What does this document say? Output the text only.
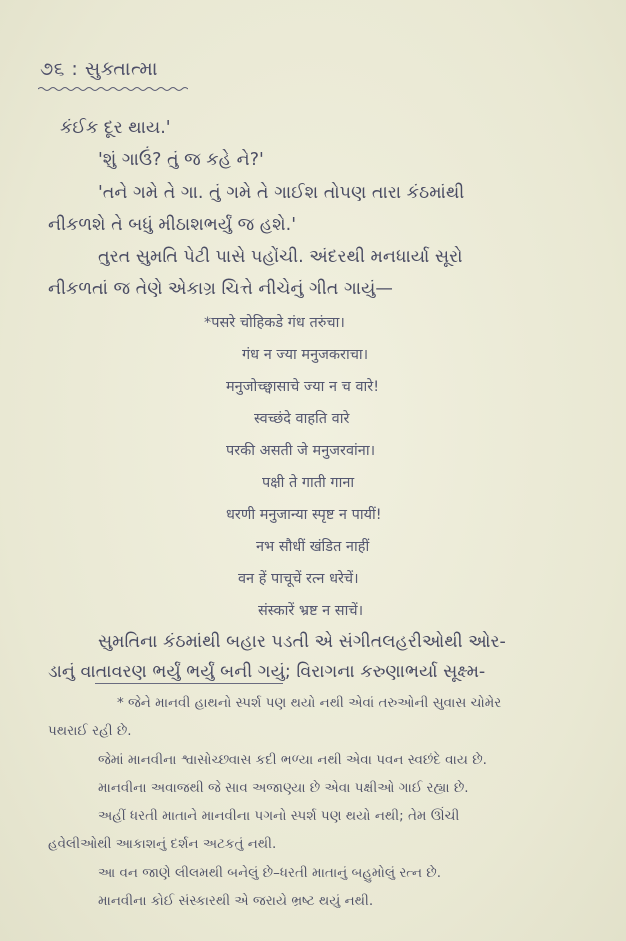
૭૬ : સુક્તાત્મા
કંઈક દૂર થાય.'
'શું ગાઉં? તું જ કહે ને?'
'તને ગમે તે ગા. તું ગમે તે ગાઈશ તોપણ તારા કંઠમાંથી
નીકળશે તે બધું મીઠાશભર્યું જ હશે.'
તુરત સુમતિ પેટી પાસે પહોંચી. અંદરથી મનધાર્યા સૂરો
નીકળતાં જ તેણે એકાગ્ર ચિત્તે નીચેનું ગીત ગાયું—
*पसरे चोहिकडे गंध तरुंचा।
गंध न ज्या मनुजकराचा।
मनुजोच्छ्वासाचे ज्या न च वारे!
स्वच्छंदे वाहति वारे
परकी असती जे मनुजरवांना।
पक्षी ते गाती गाना
धरणी मनुजान्या स्पृष्ट न पायीं!
नभ सौधीं खंडित नाहीं
वन हें पाचूचें रत्न धरेचें।
संस्कारें भ्रष्ट न साचें।
સુમતિના કંઠમાંથી બહાર પડતી એ સંગીતલહરીઓથી ઓર-
ડાનું વાતાવરણ ભર્યું ભર્યું બની ગયું; વિરાગના કરુણાભર્યા સૂક્ષ્મ-
* જેને માનવી હાથનો સ્પર્શ પણ થયો નથી એવાં તરુઓની સુવાસ ચોમેર
પથરાઈ રહી છે.
જેમાં માનવીના શ્વાસોચ્છ્વાસ કદી ભળ્યા નથી એવા પવન સ્વછંદે વાય છે.
માનવીના અવાજથી જે સાવ અજાણ્યા છે એવા પક્ષીઓ ગાઈ રહ્યા છે.
અહીં ધરતી માતાને માનવીના પગનો સ્પર્શ પણ થયો નથી; તેમ ઊંચી
હવેલીઓથી આકાશનું દર્શન અટકતું નથી.
આ વન જાણે લીલમથી બનેલું છે–ધરતી માતાનું બહુમોલું રત્ન છે.
માનવીના કોઈ સંસ્કારથી એ જરાયે ભ્રષ્ટ થયું નથી.
